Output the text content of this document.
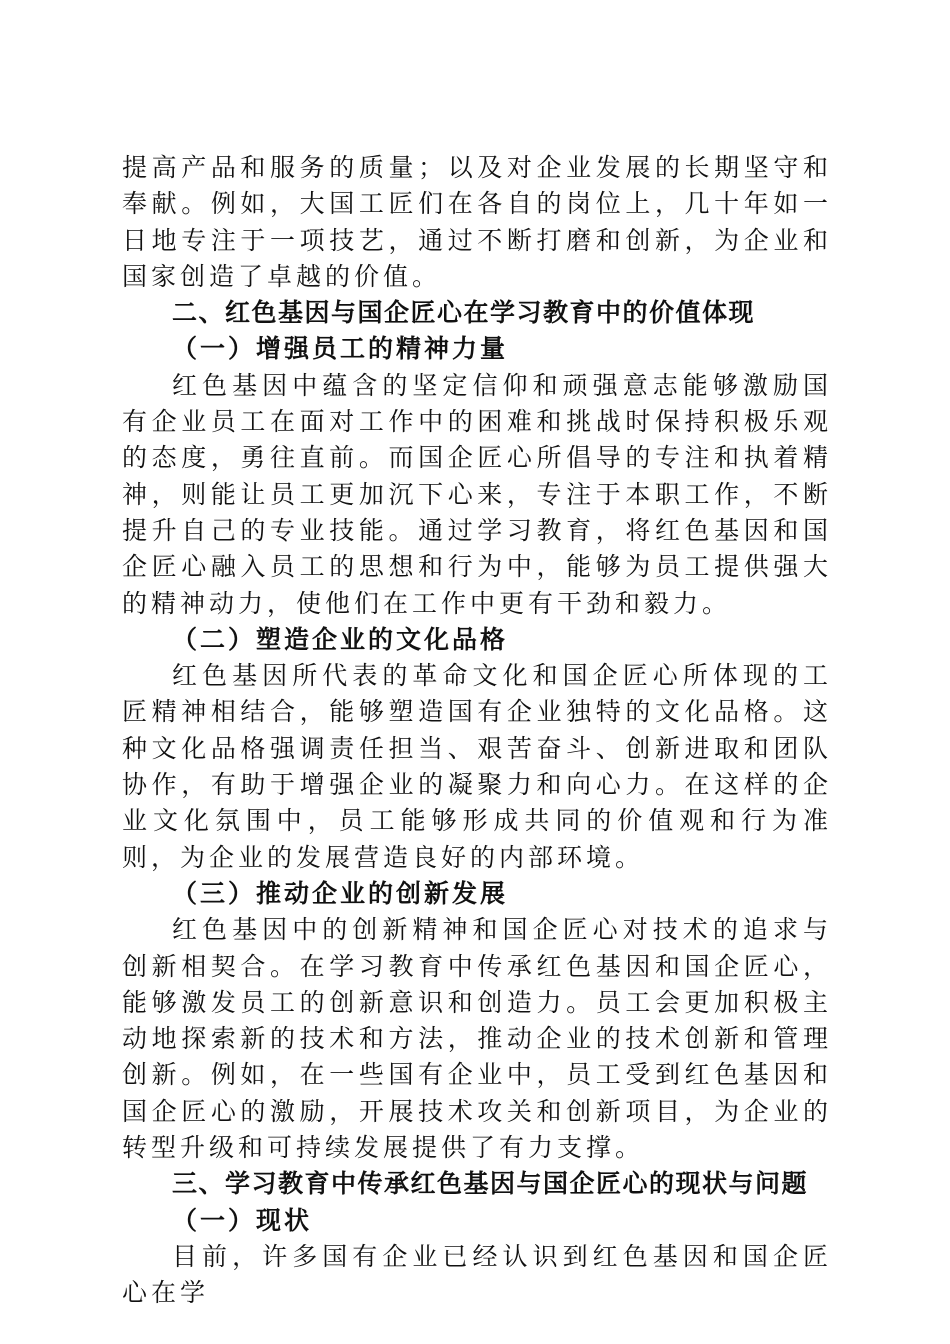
提高产品和服务的质量；以及对企业发展的长期坚守和奉献。例如，大国工匠们在各自的岗位上，几十年如一日地专注于一项技艺，通过不断打磨和创新，为企业和国家创造了卓越的价值。

二、红色基因与国企匠心在学习教育中的价值体现
（一）增强员工的精神力量

红色基因中蕴含的坚定信仰和顽强意志能够激励国有企业员工在面对工作中的困难和挑战时保持积极乐观的态度，勇往直前。而国企匠心所倡导的专注和执着精神，则能让员工更加沉下心来，专注于本职工作，不断提升自己的专业技能。通过学习教育，将红色基因和国企匠心融入员工的思想和行为中，能够为员工提供强大的精神动力，使他们在工作中更有干劲和毅力。

（二）塑造企业的文化品格

红色基因所代表的革命文化和国企匠心所体现的工匠精神相结合，能够塑造国有企业独特的文化品格。这种文化品格强调责任担当、艰苦奋斗、创新进取和团队协作，有助于增强企业的凝聚力和向心力。在这样的企业文化氛围中，员工能够形成共同的价值观和行为准则，为企业的发展营造良好的内部环境。

（三）推动企业的创新发展

红色基因中的创新精神和国企匠心对技术的追求与创新相契合。在学习教育中传承红色基因和国企匠心，能够激发员工的创新意识和创造力。员工会更加积极主动地探索新的技术和方法，推动企业的技术创新和管理创新。例如，在一些国有企业中，员工受到红色基因和国企匠心的激励，开展技术攻关和创新项目，为企业的转型升级和可持续发展提供了有力支撑。

三、学习教育中传承红色基因与国企匠心的现状与问题
（一）现状

目前，许多国有企业已经认识到红色基因和国企匠心在学
